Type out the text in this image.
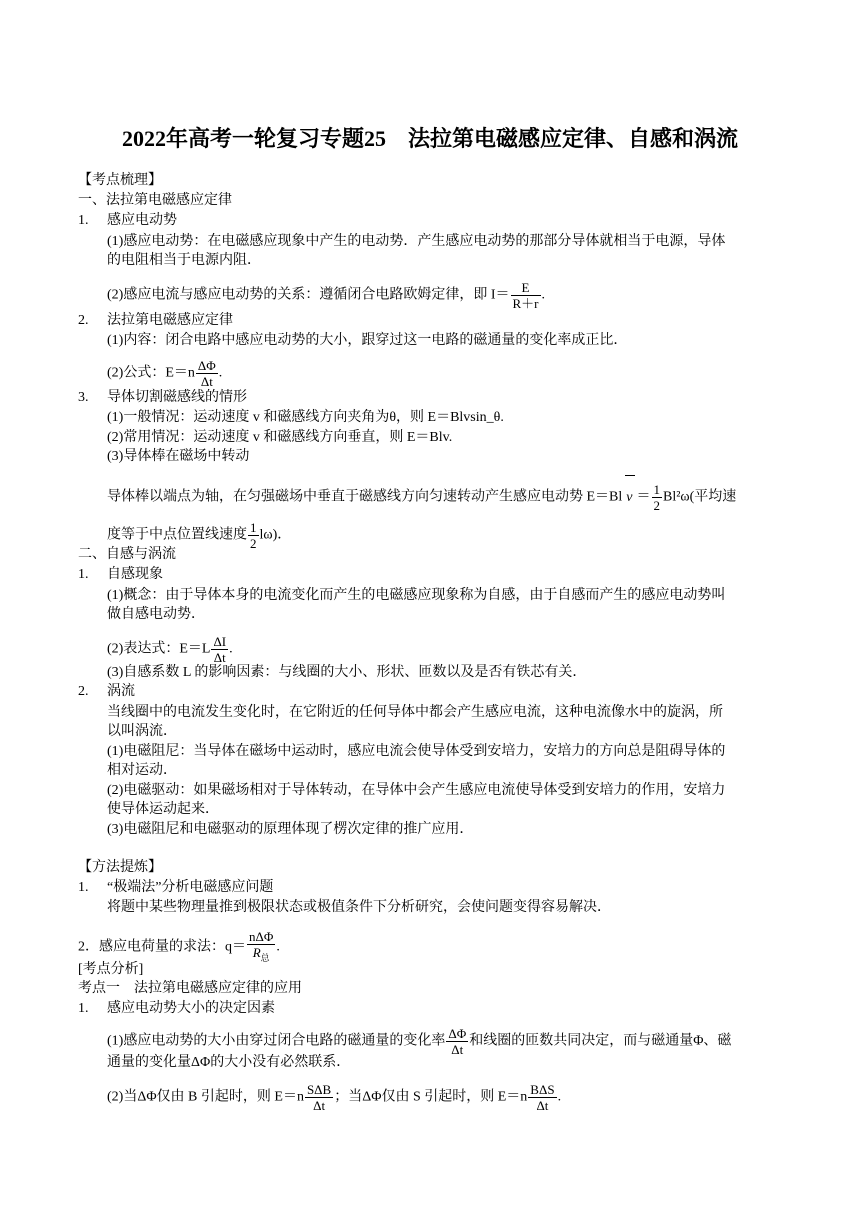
2022年高考一轮复习专题25　法拉第电磁感应定律、自感和涡流
【考点梳理】
一、法拉第电磁感应定律
1. 感应电动势
(1)感应电动势：在电磁感应现象中产生的电动势．产生感应电动势的那部分导体就相当于电源，导体
的电阻相当于电源内阻．
(2)感应电流与感应电动势的关系：遵循闭合电路欧姆定律，即 $I= \frac{E}{R+r}$ .
2. 法拉第电磁感应定律
(1)内容：闭合电路中感应电动势的大小，跟穿过这一电路的磁通量的变化率成正比．
(2)公式：$E=n \frac{\Delta\Phi}{\Delta t}$ .
3. 导体切割磁感线的情形
(1)一般情况：运动速度 v 和磁感线方向夹角为θ，则 E＝Blvsin_θ.
(2)常用情况：运动速度 v 和磁感线方向垂直，则 E＝Blv.
(3)导体棒在磁场中转动
导体棒以端点为轴，在匀强磁场中垂直于磁感线方向匀速转动产生感应电动势 E＝Bl $v = \frac{1}{2} Bl^2\omega$(平均速
度等于中点位置线速度 $\frac{1}{2} l\omega$)．
二、自感与涡流
1. 自感现象
(1)概念：由于导体本身的电流变化而产生的电磁感应现象称为自感，由于自感而产生的感应电动势叫
做自感电动势．
(2)表达式：$E=L \frac{\Delta I}{\Delta t}$ .
(3)自感系数 L 的影响因素：与线圈的大小、形状、匝数以及是否有铁芯有关．
2. 涡流
当线圈中的电流发生变化时，在它附近的任何导体中都会产生感应电流，这种电流像水中的旋涡，所
以叫涡流．
(1)电磁阻尼：当导体在磁场中运动时，感应电流会使导体受到安培力，安培力的方向总是阻碍导体的
相对运动．
(2)电磁驱动：如果磁场相对于导体转动，在导体中会产生感应电流使导体受到安培力的作用，安培力
使导体运动起来．
(3)电磁阻尼和电磁驱动的原理体现了楞次定律的推广应用．
【方法提炼】
1. “极端法”分析电磁感应问题
将题中某些物理量推到极限状态或极值条件下分析研究，会使问题变得容易解决．
2．感应电荷量的求法：$q= \frac{\text{nΔΦ}}{R_总}$ .
[考点分析]
考点一　法拉第电磁感应定律的应用
1. 感应电动势大小的决定因素
(1)感应电动势的大小由穿过闭合电路的磁通量的变化率 $\frac{\Delta\Phi}{\Delta t}$ 和线圈的匝数共同决定，而与磁通量Φ、磁
通量的变化量ΔΦ的大小没有必然联系．
(2)当ΔΦ仅由 B 引起时，则 $E=n \frac{\text{SΔB}}{\Delta t}$ ；当ΔΦ仅由 S 引起时，则 $E=n \frac{\text{BΔS}}{\Delta t}$ .
